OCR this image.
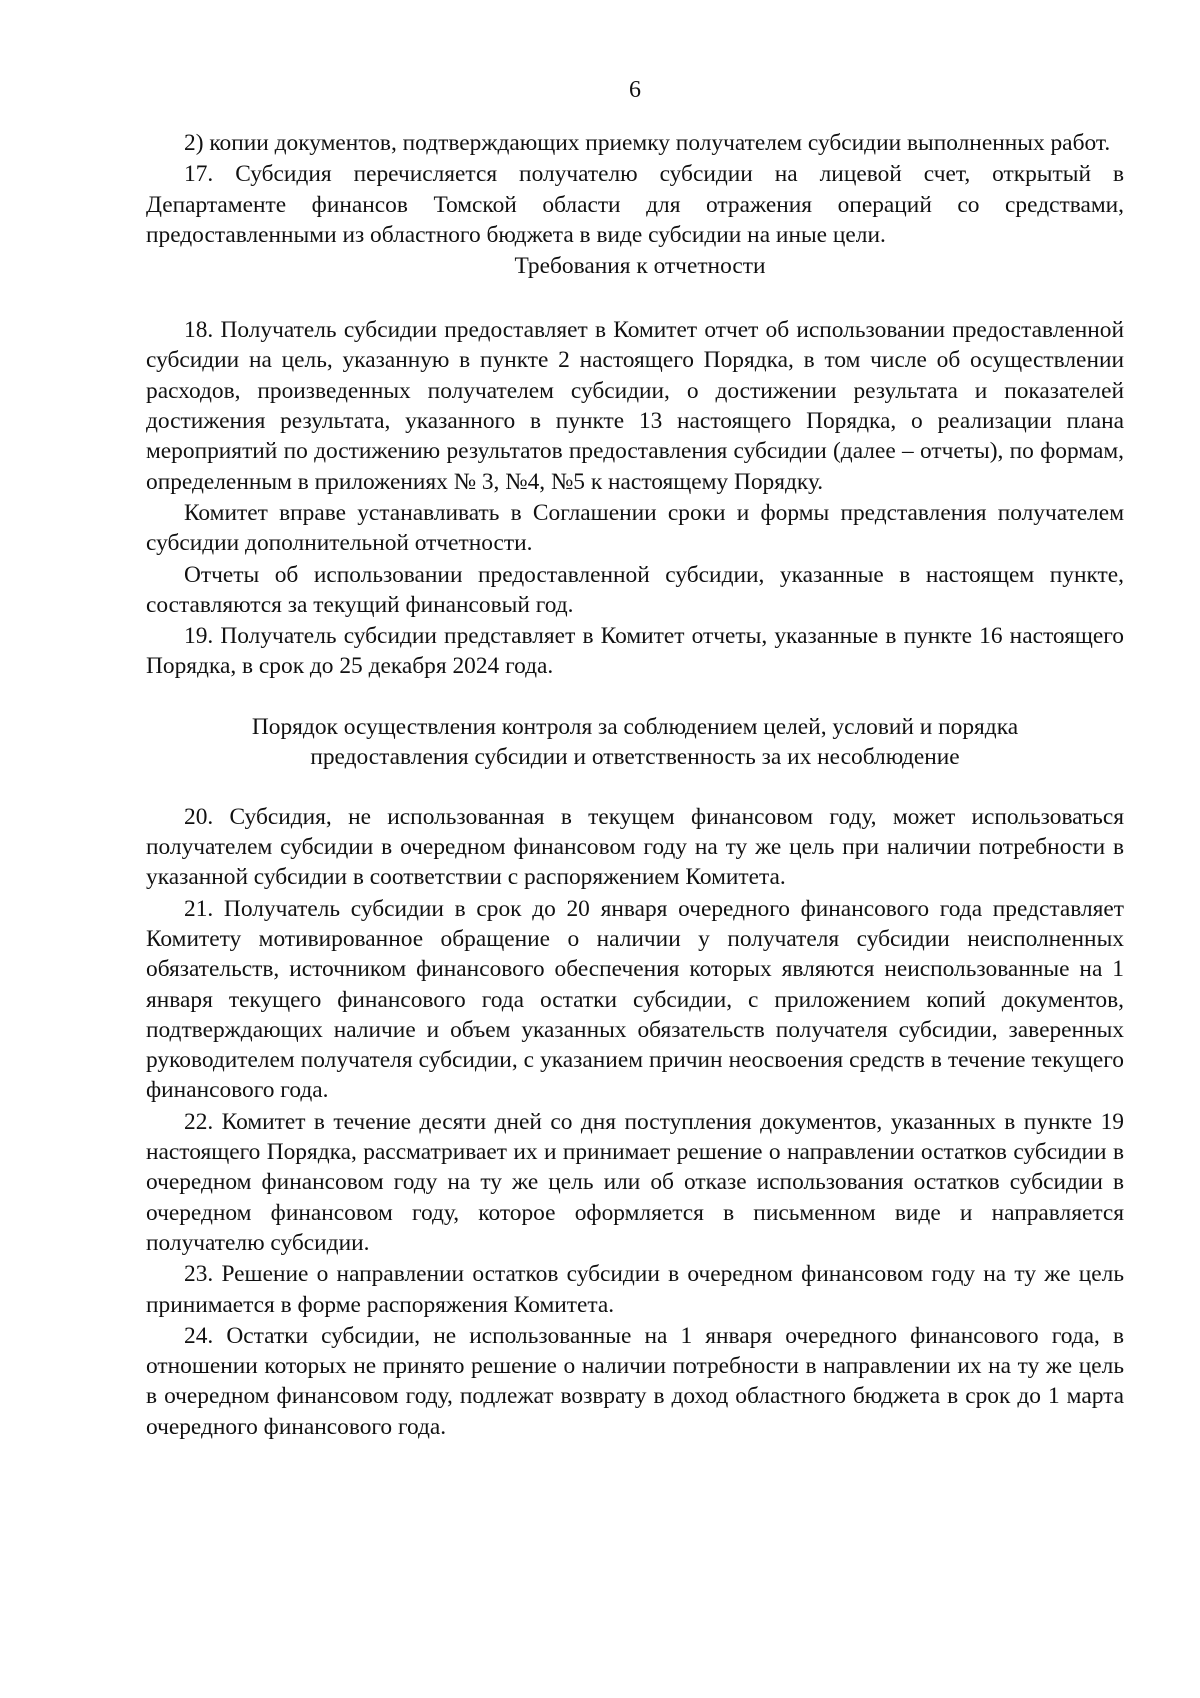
6

2) копии документов, подтверждающих приемку получателем субсидии выполненных работ.

17. Субсидия перечисляется получателю субсидии на лицевой счет, открытый в Департаменте финансов Томской области для отражения операций со средствами, предоставленными из областного бюджета в виде субсидии на иные цели.

Требования к отчетности

18. Получатель субсидии предоставляет в Комитет отчет об использовании предоставленной субсидии на цель, указанную в пункте 2 настоящего Порядка, в том числе об осуществлении расходов, произведенных получателем субсидии, о достижении результата и показателей достижения результата, указанного в пункте 13 настоящего Порядка, о реализации плана мероприятий по достижению результатов предоставления субсидии (далее – отчеты), по формам, определенным в приложениях № 3, №4, №5 к настоящему Порядку.

Комитет вправе устанавливать в Соглашении сроки и формы представления получателем субсидии дополнительной отчетности.

Отчеты об использовании предоставленной субсидии, указанные в настоящем пункте, составляются за текущий финансовый год.

19. Получатель субсидии представляет в Комитет отчеты, указанные в пункте 16 настоящего Порядка, в срок до 25 декабря 2024 года.

Порядок осуществления контроля за соблюдением целей, условий и порядка
предоставления субсидии и ответственность за их несоблюдение

20. Субсидия, не использованная в текущем финансовом году, может использоваться получателем субсидии в очередном финансовом году на ту же цель при наличии потребности в указанной субсидии в соответствии с распоряжением Комитета.

21. Получатель субсидии в срок до 20 января очередного финансового года представляет Комитету мотивированное обращение о наличии у получателя субсидии неисполненных обязательств, источником финансового обеспечения которых являются неиспользованные на 1 января текущего финансового года остатки субсидии, с приложением копий документов, подтверждающих наличие и объем указанных обязательств получателя субсидии, заверенных руководителем получателя субсидии, с указанием причин неосвоения средств в течение текущего финансового года.

22. Комитет в течение десяти дней со дня поступления документов, указанных в пункте 19 настоящего Порядка, рассматривает их и принимает решение о направлении остатков субсидии в очередном финансовом году на ту же цель или об отказе использования остатков субсидии в очередном финансовом году, которое оформляется в письменном виде и направляется получателю субсидии.

23. Решение о направлении остатков субсидии в очередном финансовом году на ту же цель принимается в форме распоряжения Комитета.

24. Остатки субсидии, не использованные на 1 января очередного финансового года, в отношении которых не принято решение о наличии потребности в направлении их на ту же цель в очередном финансовом году, подлежат возврату в доход областного бюджета в срок до 1 марта очередного финансового года.
